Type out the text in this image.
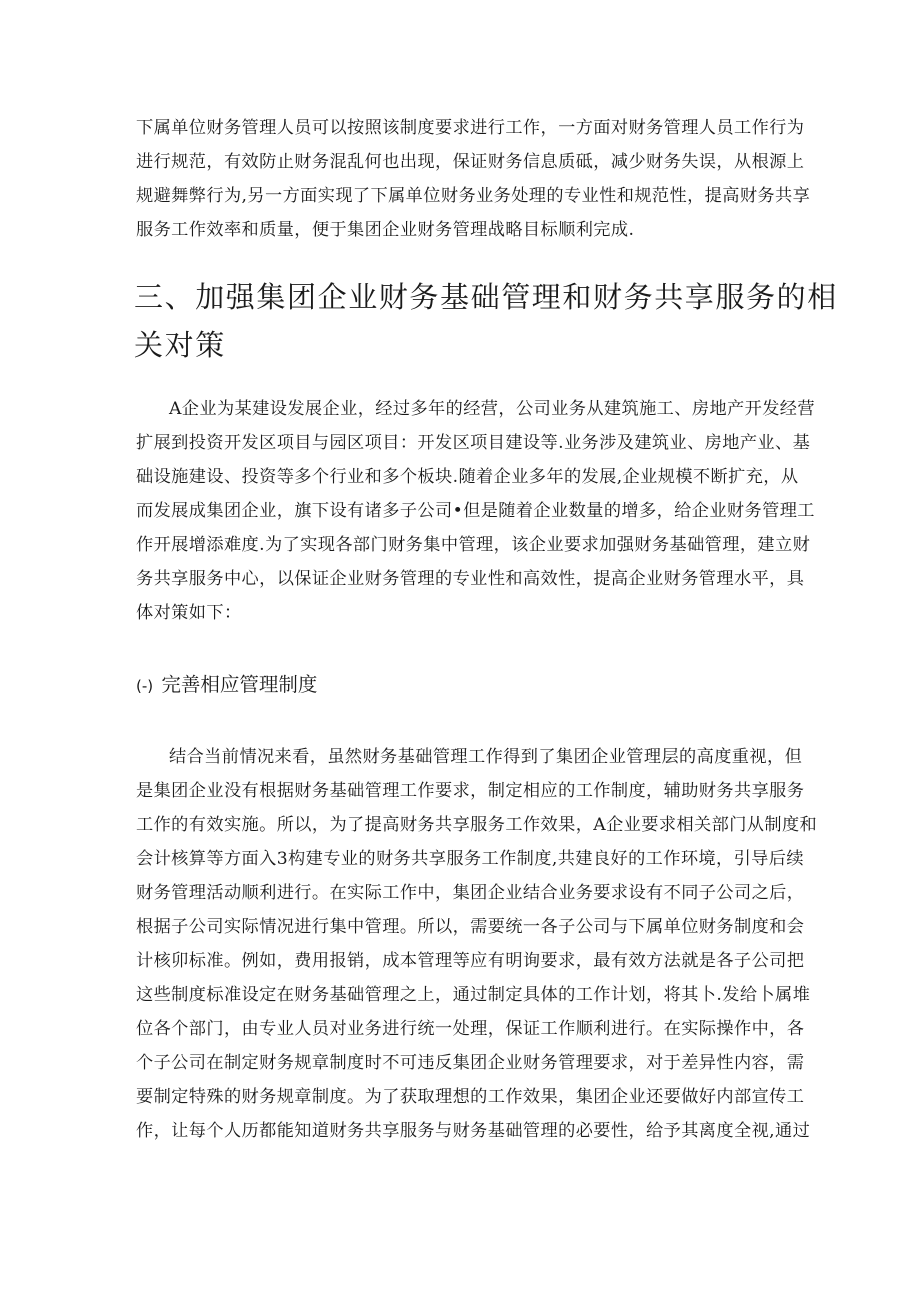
下属单位财务管理人员可以按照该制度要求进行工作，一方面对财务管理人员工作行为
进行规范，有效防止财务混乱何也出现，保证财务信息质砥，减少财务失误，从根源上
规避舞弊行为,另一方面实现了下属单位财务业务处理的专业性和规范性，提高财务共享
服务工作效率和质量，便于集团企业财务管理战略目标顺利完成.
三、加强集团企业财务基础管理和财务共享服务的相
关对策
A企业为某建设发展企业，经过多年的经营，公司业务从建筑施工、房地产开发经营
扩展到投资开发区项目与园区项目：开发区项目建设等.业务涉及建筑业、房地产业、基
础设施建设、投资等多个行业和多个板块.随着企业多年的发展,企业规模不断扩充，从
而发展成集团企业，旗下设有诸多子公司•但是随着企业数量的增多，给企业财务管理工
作开展增添难度.为了实现各部门财务集中管理，该企业要求加强财务基础管理，建立财
务共享服务中心，以保证企业财务管理的专业性和高效性，提高企业财务管理水平，具
体对策如下：
(-) 完善相应管理制度
结合当前情况来看，虽然财务基础管理工作得到了集团企业管理层的高度重视，但
是集团企业没有根据财务基础管理工作要求，制定相应的工作制度，辅助财务共享服务
工作的有效实施。所以，为了提高财务共享服务工作效果，A企业要求相关部门从制度和
会计核算等方面入3构建专业的财务共享服务工作制度,共建良好的工作环境，引导后续
财务管理活动顺利进行。在实际工作中，集团企业结合业务要求设有不同子公司之后，
根据子公司实际情况进行集中管理。所以，需要统一各子公司与下属单位财务制度和会
计核卯标准。例如，费用报销，成本管理等应有明询要求，最有效方法就是各子公司把
这些制度标准设定在财务基础管理之上，通过制定具体的工作计划，将其卜.发给卜属堆
位各个部门，由专业人员对业务进行统一处理，保证工作顺利进行。在实际操作中，各
个子公司在制定财务规章制度时不可违反集团企业财务管理要求，对于差异性内容，需
要制定特殊的财务规章制度。为了获取理想的工作效果，集团企业还要做好内部宣传工
作，让每个人历都能知道财务共享服务与财务基础管理的必要性，给予其离度全视,通过
